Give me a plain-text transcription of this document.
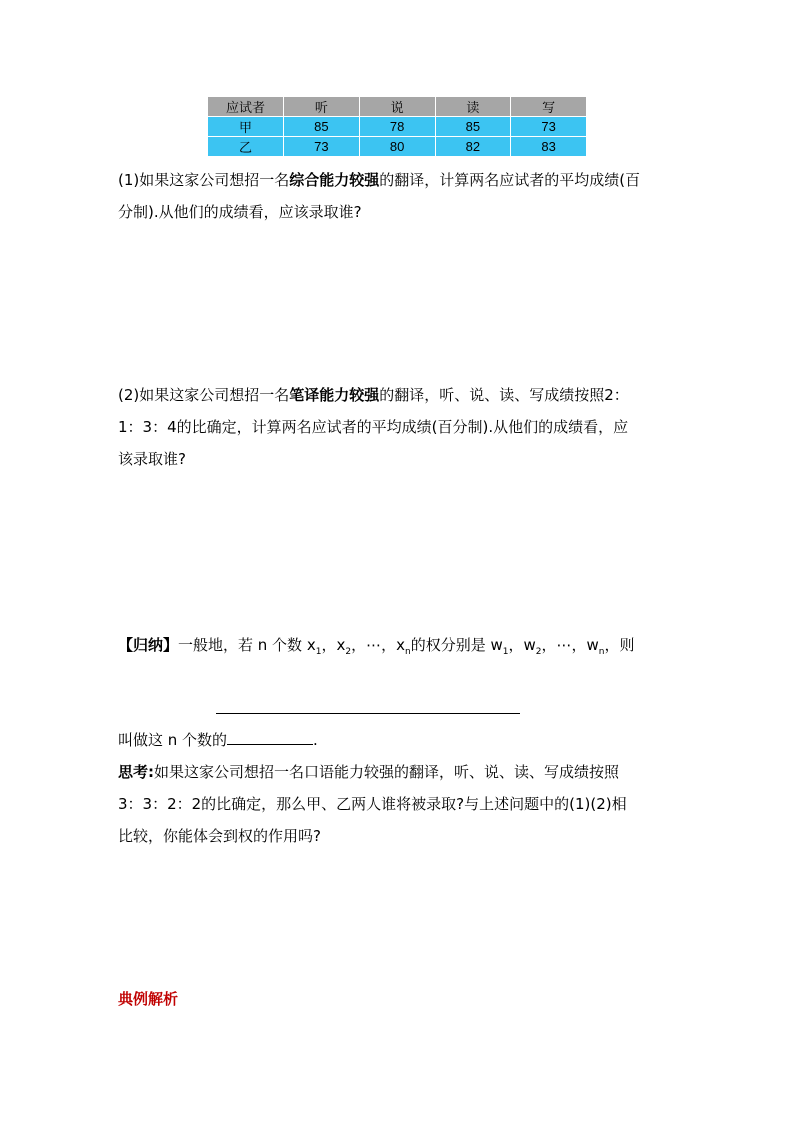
应试者	听	说	读	写
甲	85	78	85	73
乙	73	80	82	83
(1)如果这家公司想招一名综合能力较强的翻译，计算两名应试者的平均成绩(百
分制).从他们的成绩看，应该录取谁?
(2)如果这家公司想招一名笔译能力较强的翻译，听、说、读、写成绩按照2：
1：3：4的比确定，计算两名应试者的平均成绩(百分制).从他们的成绩看，应
该录取谁?
【归纳】一般地，若 n 个数 $x_1$，$x_2$，⋯，$x_n$的权分别是 $w_1$，$w_2$，⋯，$w_n$，则
叫做这 n 个数的	.
思考:如果这家公司想招一名口语能力较强的翻译，听、说、读、写成绩按照
3：3：2：2的比确定，那么甲、乙两人谁将被录取?与上述问题中的(1)(2)相
比较，你能体会到权的作用吗?
典例解析
